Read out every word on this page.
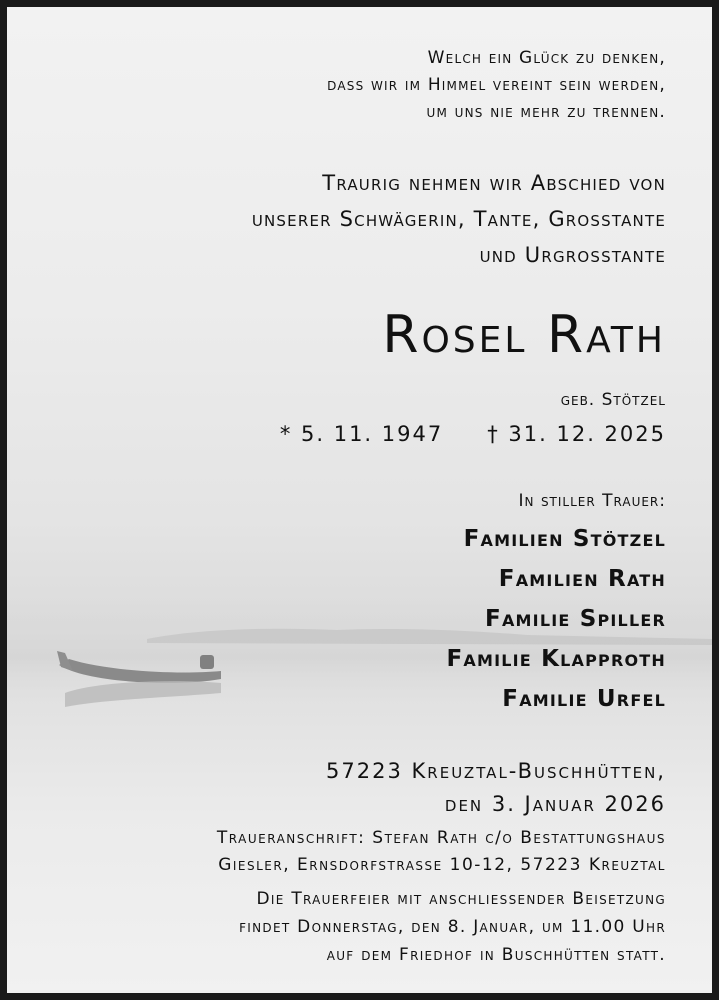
Welch ein Glück zu denken,
dass wir im Himmel vereint sein werden,
um uns nie mehr zu trennen.
Traurig nehmen wir Abschied von
unserer Schwägerin, Tante, Grosstante
und Urgrosstante
Rosel Rath
geb. Stötzel
* 5. 11. 1947 † 31. 12. 2025
In stiller Trauer:
Familien Stötzel
Familien Rath
Familie Spiller
Familie Klapproth
Familie Urfel
57223 Kreuztal-Buschhütten,
den 3. Januar 2026
Traueranschrift: Stefan Rath c/o Bestattungshaus
Giesler, Ernsdorfstrasse 10-12, 57223 Kreuztal
Die Trauerfeier mit anschliessender Beisetzung
findet Donnerstag, den 8. Januar, um 11.00 Uhr
auf dem Friedhof in Buschhütten statt.
